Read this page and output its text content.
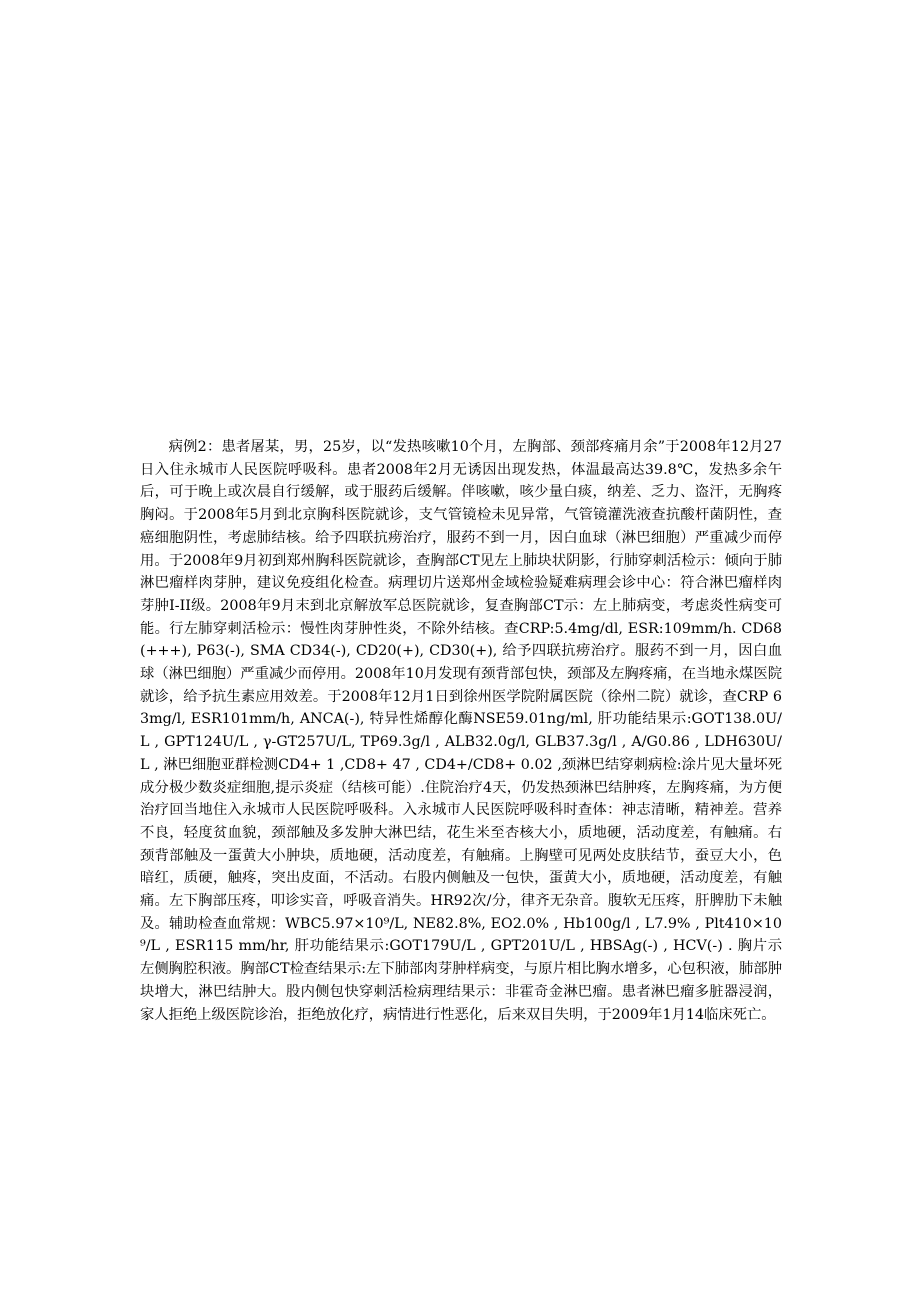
病例2：患者屠某，男，25岁，以“发热咳嗽10个月，左胸部、颈部疼痛月余”于2008年12月27日入住永城市人民医院呼吸科。患者2008年2月无诱因出现发热，体温最高达39.8℃，发热多余午后，可于晚上或次晨自行缓解，或于服药后缓解。伴咳嗽，咳少量白痰，纳差、乏力、盗汗，无胸疼胸闷。于2008年5月到北京胸科医院就诊，支气管镜检未见异常，气管镜灌洗液查抗酸杆菌阴性，查癌细胞阴性，考虑肺结核。给予四联抗痨治疗，服药不到一月，因白血球（淋巴细胞）严重减少而停用。于2008年9月初到郑州胸科医院就诊，查胸部CT见左上肺块状阴影，行肺穿刺活检示：倾向于肺淋巴瘤样肉芽肿，建议免疫组化检查。病理切片送郑州金域检验疑难病理会诊中心：符合淋巴瘤样肉芽肿I-II级。2008年9月末到北京解放军总医院就诊，复查胸部CT示：左上肺病变，考虑炎性病变可能。行左肺穿刺活检示：慢性肉芽肿性炎，不除外结核。查CRP:5.4mg/dl, ESR:109mm/h. CD68(+++), P63(-), SMA CD34(-), CD20(+), CD30(+), 给予四联抗痨治疗。服药不到一月，因白血球（淋巴细胞）严重减少而停用。2008年10月发现有颈背部包快，颈部及左胸疼痛，在当地永煤医院就诊，给予抗生素应用效差。于2008年12月1日到徐州医学院附属医院（徐州二院）就诊，查CRP 63mg/l, ESR101mm/h, ANCA(-), 特异性烯醇化酶NSE59.01ng/ml, 肝功能结果示:GOT138.0U/L , GPT124U/L , γ-GT257U/L, TP69.3g/l , ALB32.0g/l, GLB37.3g/l , A/G0.86 , LDH630U/L , 淋巴细胞亚群检测CD4+ 1 ,CD8+ 47 , CD4+/CD8+ 0.02 ,颈淋巴结穿刺病检:涂片见大量坏死成分极少数炎症细胞,提示炎症（结核可能）.住院治疗4天，仍发热颈淋巴结肿疼，左胸疼痛，为方便治疗回当地住入永城市人民医院呼吸科。入永城市人民医院呼吸科时查体：神志清晰，精神差。营养不良，轻度贫血貌，颈部触及多发肿大淋巴结，花生米至杏核大小，质地硬，活动度差，有触痛。右颈背部触及一蛋黄大小肿块，质地硬，活动度差，有触痛。上胸壁可见两处皮肤结节，蚕豆大小，色暗红，质硬，触疼，突出皮面，不活动。右股内侧触及一包快，蛋黄大小，质地硬，活动度差，有触痛。左下胸部压疼，叩诊实音，呼吸音消失。HR92次/分，律齐无杂音。腹软无压疼，肝脾肋下未触及。辅助检查血常规：WBC5.97×10⁹/L, NE82.8%, EO2.0% , Hb100g/l , L7.9% , Plt410×10⁹/L , ESR115 mm/hr, 肝功能结果示:GOT179U/L , GPT201U/L , HBSAg(-) , HCV(-) . 胸片示左侧胸腔积液。胸部CT检查结果示:左下肺部肉芽肿样病变，与原片相比胸水增多，心包积液，肺部肿块增大，淋巴结肿大。股内侧包快穿刺活检病理结果示：非霍奇金淋巴瘤。患者淋巴瘤多脏器浸润，家人拒绝上级医院诊治，拒绝放化疗，病情进行性恶化，后来双目失明，于2009年1月14临床死亡。
